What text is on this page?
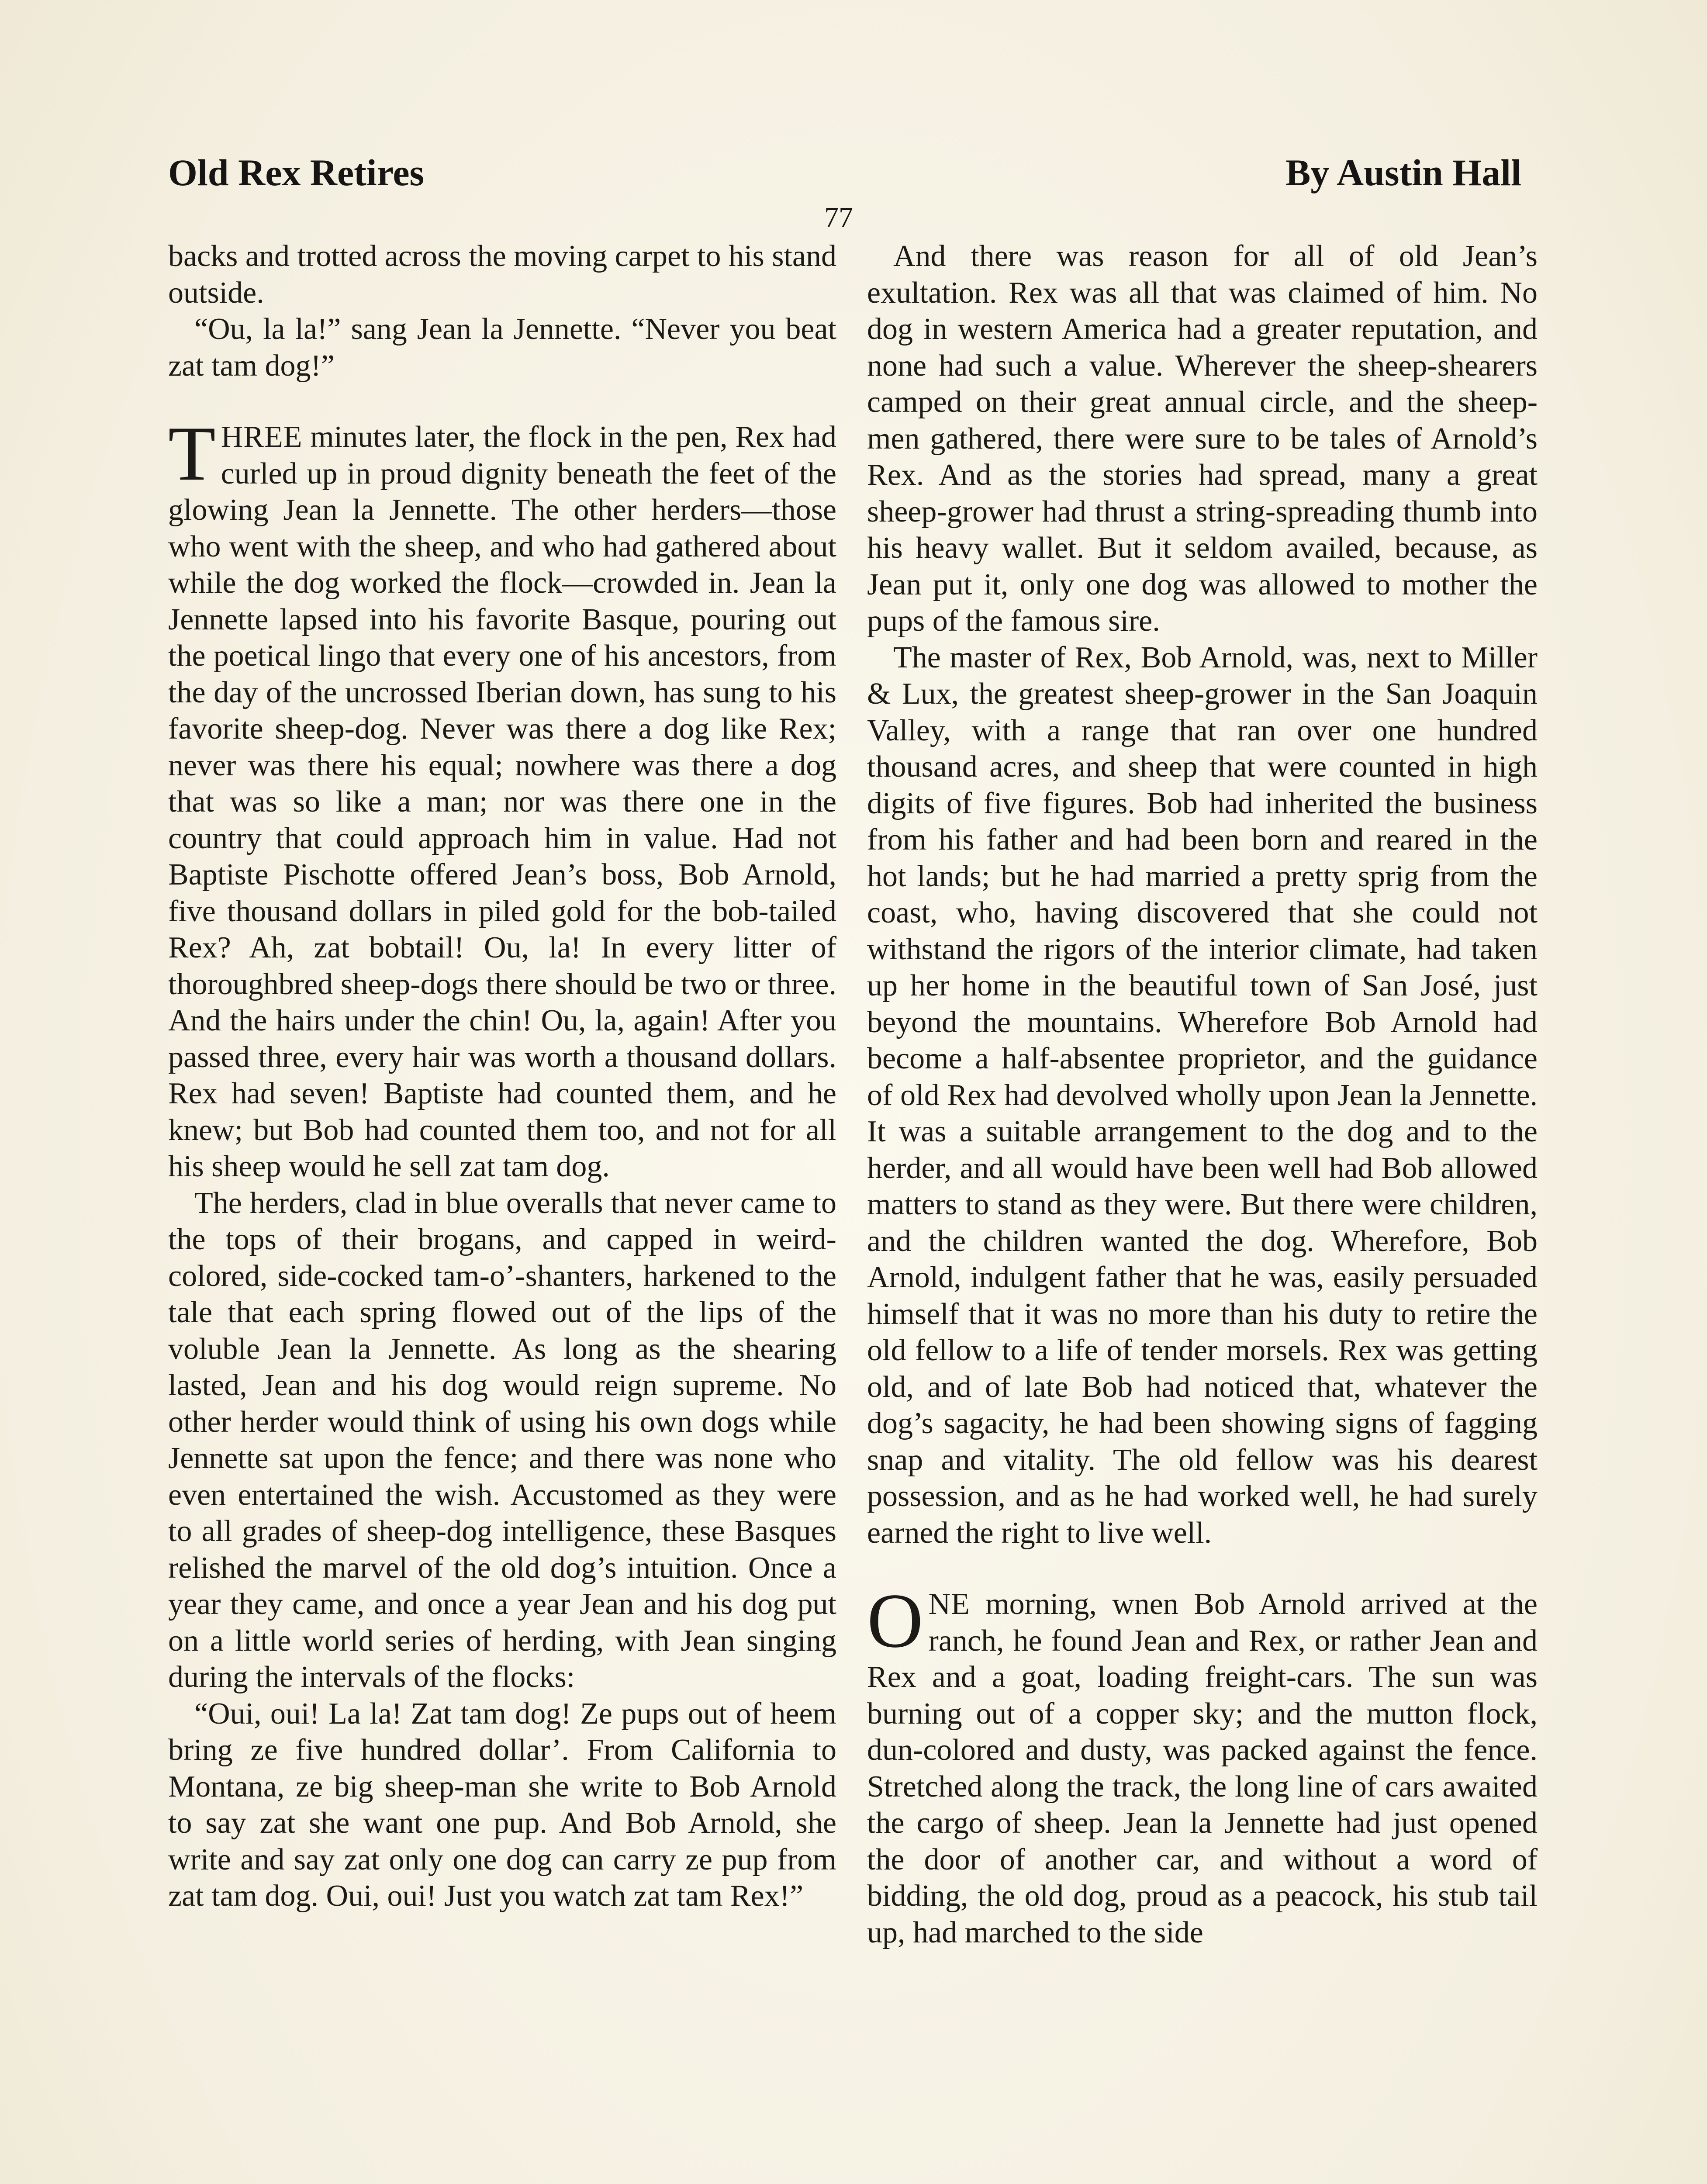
Old Rex Retires	By Austin Hall
77

backs and trotted across the moving carpet to his stand outside.

“Ou, la la!” sang Jean la Jennette. “Never you beat zat tam dog!”

THREE minutes later, the flock in the pen, Rex had curled up in proud dignity beneath the feet of the glowing Jean la Jennette. The other herders—those who went with the sheep, and who had gathered about while the dog worked the flock—crowded in. Jean la Jennette lapsed into his favorite Basque, pouring out the poetical lingo that every one of his ancestors, from the day of the uncrossed Iberian down, has sung to his favorite sheep-dog. Never was there a dog like Rex; never was there his equal; nowhere was there a dog that was so like a man; nor was there one in the country that could approach him in value. Had not Baptiste Pischotte offered Jean’s boss, Bob Arnold, five thousand dollars in piled gold for the bob-tailed Rex? Ah, zat bobtail! Ou, la! In every litter of thoroughbred sheep-dogs there should be two or three. And the hairs under the chin! Ou, la, again! After you passed three, every hair was worth a thousand dollars. Rex had seven! Baptiste had counted them, and he knew; but Bob had counted them too, and not for all his sheep would he sell zat tam dog.

The herders, clad in blue overalls that never came to the tops of their brogans, and capped in weird-colored, side-cocked tam-o’-shanters, harkened to the tale that each spring flowed out of the lips of the voluble Jean la Jennette. As long as the shearing lasted, Jean and his dog would reign supreme. No other herder would think of using his own dogs while Jennette sat upon the fence; and there was none who even entertained the wish. Accustomed as they were to all grades of sheep-dog intelligence, these Basques relished the marvel of the old dog’s intuition. Once a year they came, and once a year Jean and his dog put on a little world series of herding, with Jean singing during the intervals of the flocks:

“Oui, oui! La la! Zat tam dog! Ze pups out of heem bring ze five hundred dollar’. From California to Montana, ze big sheep-man she write to Bob Arnold to say zat she want one pup. And Bob Arnold, she write and say zat only one dog can carry ze pup from zat tam dog. Oui, oui! Just you watch zat tam Rex!”

And there was reason for all of old Jean’s exultation. Rex was all that was claimed of him. No dog in western America had a greater reputation, and none had such a value. Wherever the sheep-shearers camped on their great annual circle, and the sheep-men gathered, there were sure to be tales of Arnold’s Rex. And as the stories had spread, many a great sheep-grower had thrust a string-spreading thumb into his heavy wallet. But it seldom availed, because, as Jean put it, only one dog was allowed to mother the pups of the famous sire.

The master of Rex, Bob Arnold, was, next to Miller & Lux, the greatest sheep-grower in the San Joaquin Valley, with a range that ran over one hundred thousand acres, and sheep that were counted in high digits of five figures. Bob had inherited the business from his father and had been born and reared in the hot lands; but he had married a pretty sprig from the coast, who, having discovered that she could not withstand the rigors of the interior climate, had taken up her home in the beautiful town of San José, just beyond the mountains. Wherefore Bob Arnold had become a half-absentee proprietor, and the guidance of old Rex had devolved wholly upon Jean la Jennette. It was a suitable arrangement to the dog and to the herder, and all would have been well had Bob allowed matters to stand as they were. But there were children, and the children wanted the dog. Wherefore, Bob Arnold, indulgent father that he was, easily persuaded himself that it was no more than his duty to retire the old fellow to a life of tender morsels. Rex was getting old, and of late Bob had noticed that, whatever the dog’s sagacity, he had been showing signs of fagging snap and vitality. The old fellow was his dearest possession, and as he had worked well, he had surely earned the right to live well.

ONE morning, wnen Bob Arnold arrived at the ranch, he found Jean and Rex, or rather Jean and Rex and a goat, loading freight-cars. The sun was burning out of a copper sky; and the mutton flock, dun-colored and dusty, was packed against the fence. Stretched along the track, the long line of cars awaited the cargo of sheep. Jean la Jennette had just opened the door of another car, and without a word of bidding, the old dog, proud as a peacock, his stub tail up, had marched to the side
